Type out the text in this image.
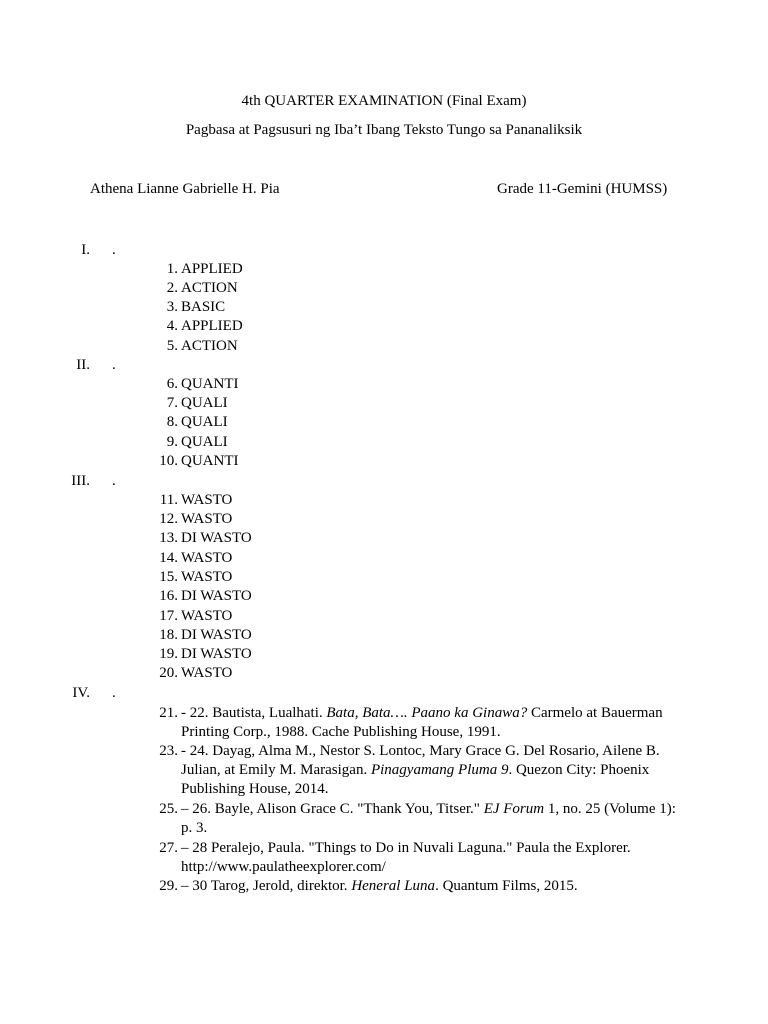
4th QUARTER EXAMINATION (Final Exam)
Pagbasa at Pagsusuri ng Iba’t Ibang Teksto Tungo sa Pananaliksik
Athena Lianne Gabrielle H. Pia	Grade 11-Gemini (HUMSS)
I. .
1. APPLIED
2. ACTION
3. BASIC
4. APPLIED
5. ACTION
II. .
6. QUANTI
7. QUALI
8. QUALI
9. QUALI
10. QUANTI
III. .
11. WASTO
12. WASTO
13. DI WASTO
14. WASTO
15. WASTO
16. DI WASTO
17. WASTO
18. DI WASTO
19. DI WASTO
20. WASTO
IV. .
21. - 22. Bautista, Lualhati. Bata, Bata…. Paano ka Ginawa? Carmelo at Bauerman Printing Corp., 1988. Cache Publishing House, 1991.
23. - 24. Dayag, Alma M., Nestor S. Lontoc, Mary Grace G. Del Rosario, Ailene B. Julian, at Emily M. Marasigan. Pinagyamang Pluma 9. Quezon City: Phoenix Publishing House, 2014.
25. – 26. Bayle, Alison Grace C. "Thank You, Titser." EJ Forum 1, no. 25 (Volume 1): p. 3.
27. – 28 Peralejo, Paula. "Things to Do in Nuvali Laguna." Paula the Explorer. http://www.paulatheexplorer.com/
29. – 30 Tarog, Jerold, direktor. Heneral Luna. Quantum Films, 2015.
